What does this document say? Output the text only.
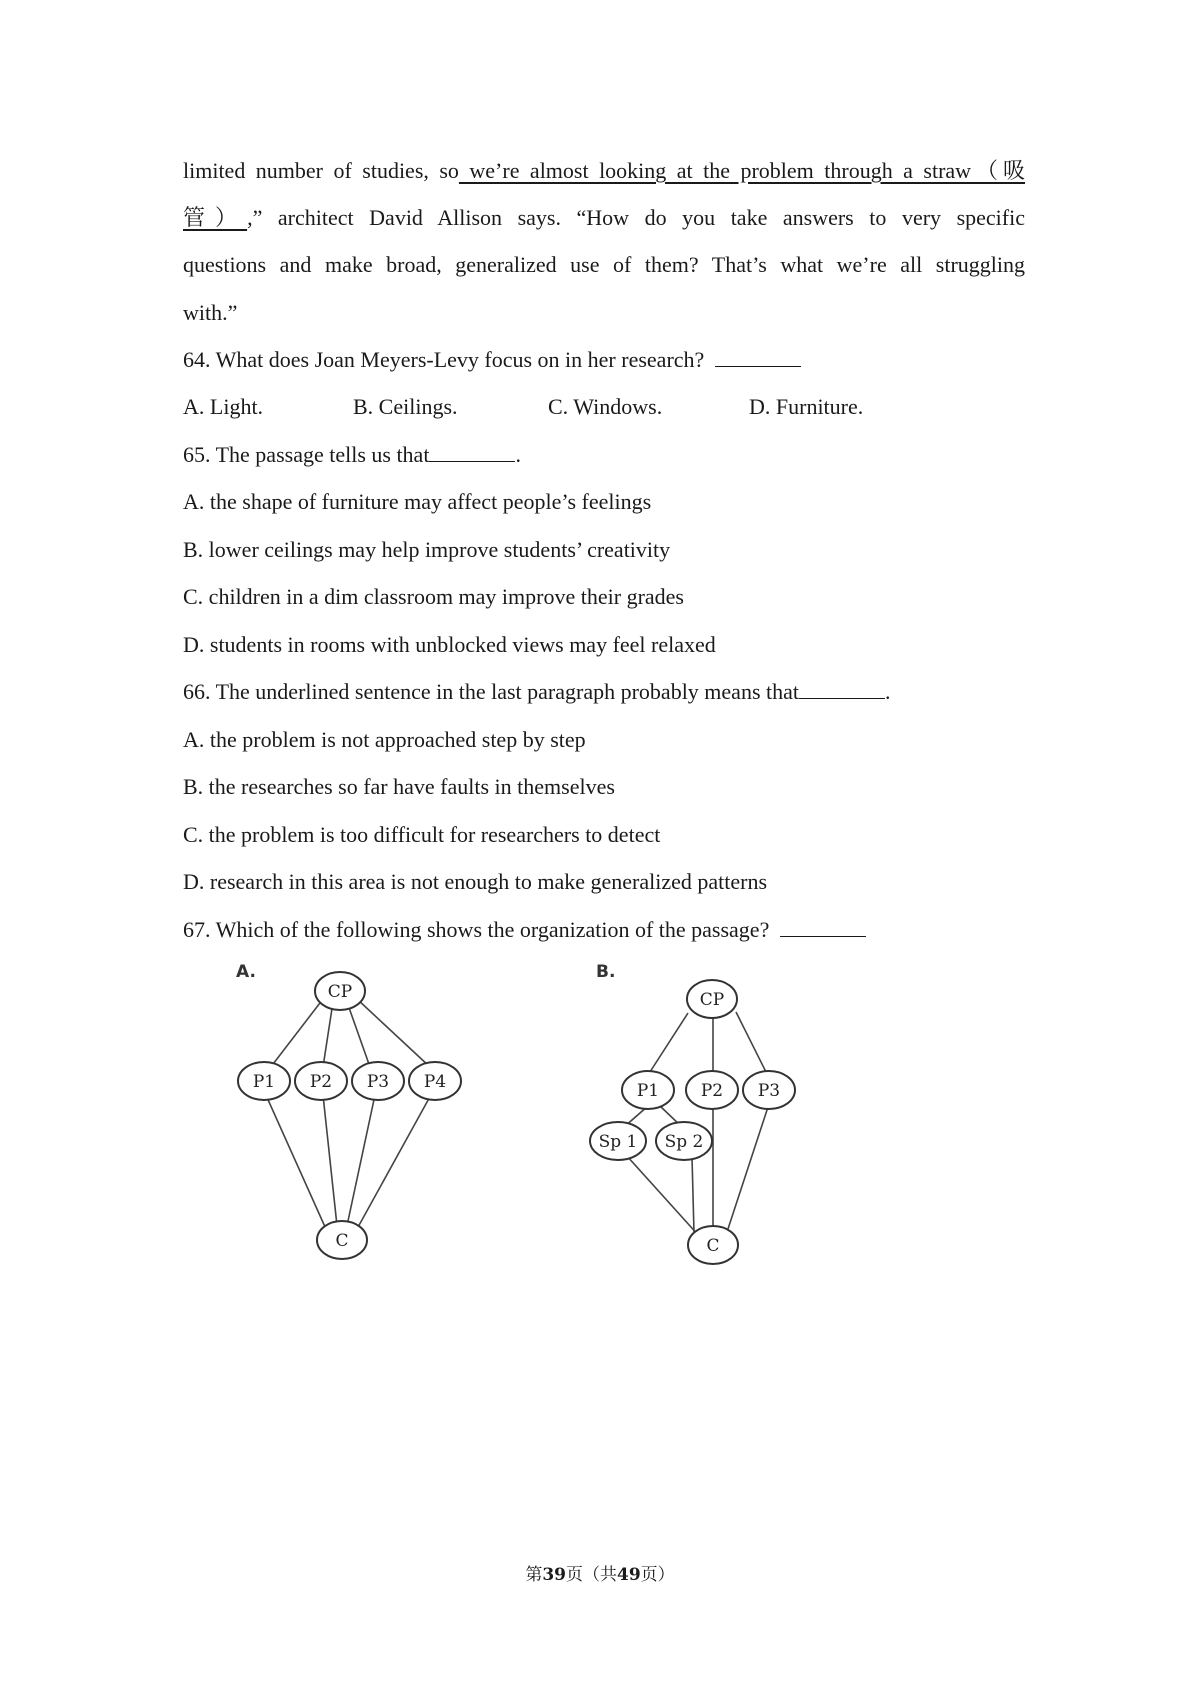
limited number of studies, so we’re almost looking at the problem through a straw（吸
管）,” architect David Allison says. “How do you take answers to very specific
questions and make broad, generalized use of them? That’s what we’re all struggling
with.”
64. What does Joan Meyers-Levy focus on in her research?
A. Light.	B. Ceilings.	C. Windows.	D. Furniture.
65. The passage tells us that	.
A. the shape of furniture may affect people’s feelings
B. lower ceilings may help improve students’ creativity
C. children in a dim classroom may improve their grades
D. students in rooms with unblocked views may feel relaxed
66. The underlined sentence in the last paragraph probably means that	.
A. the problem is not approached step by step
B. the researches so far have faults in themselves
C. the problem is too difficult for researchers to detect
D. research in this area is not enough to make generalized patterns
67. Which of the following shows the organization of the passage?
A.
CP
P1 P2 P3 P4
C
B.
CP
P1 P2 P3
Sp 1 Sp 2
C
第39页（共49页）
